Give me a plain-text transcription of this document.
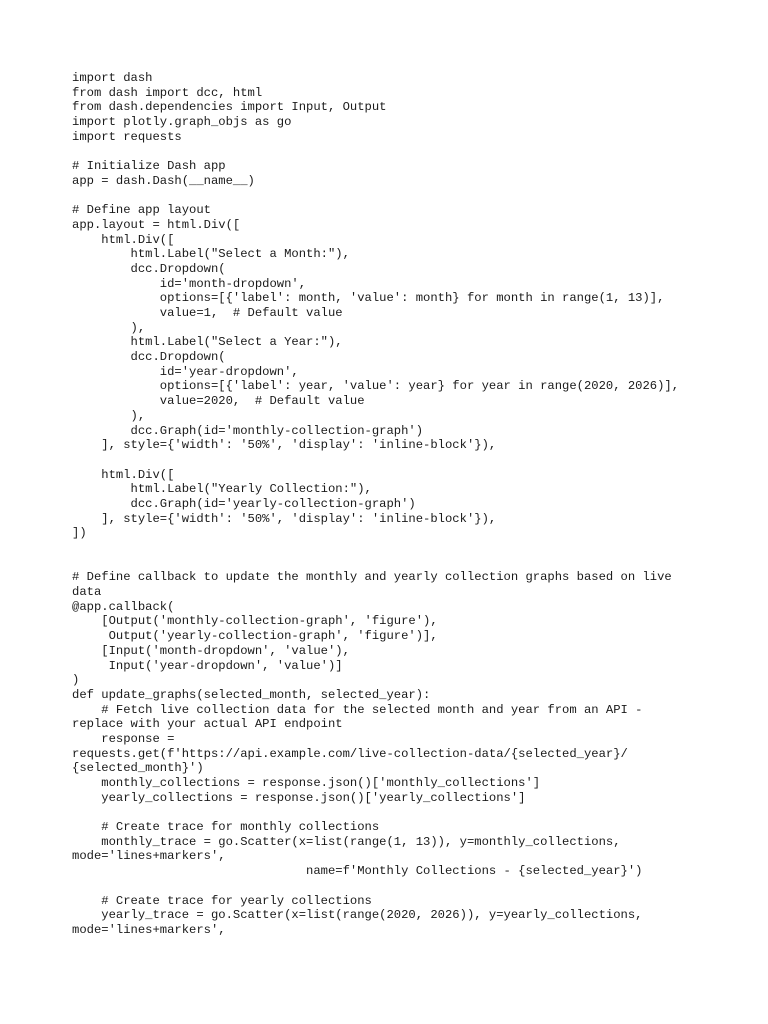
import dash
from dash import dcc, html
from dash.dependencies import Input, Output
import plotly.graph_objs as go
import requests
# Initialize Dash app
app = dash.Dash(__name__)
# Define app layout
app.layout = html.Div([
html.Div([
html.Label("Select a Month:"),
dcc.Dropdown(
id='month-dropdown',
options=[{'label': month, 'value': month} for month in range(1, 13)],
value=1,  # Default value
),
html.Label("Select a Year:"),
dcc.Dropdown(
id='year-dropdown',
options=[{'label': year, 'value': year} for year in range(2020, 2026)],
value=2020,  # Default value
),
dcc.Graph(id='monthly-collection-graph')
], style={'width': '50%', 'display': 'inline-block'}),
html.Div([
html.Label("Yearly Collection:"),
dcc.Graph(id='yearly-collection-graph')
], style={'width': '50%', 'display': 'inline-block'}),
])
# Define callback to update the monthly and yearly collection graphs based on live
data
@app.callback(
[Output('monthly-collection-graph', 'figure'),
Output('yearly-collection-graph', 'figure')],
[Input('month-dropdown', 'value'),
Input('year-dropdown', 'value')]
)
def update_graphs(selected_month, selected_year):
# Fetch live collection data for the selected month and year from an API -
replace with your actual API endpoint
response =
requests.get(f'https://api.example.com/live-collection-data/{selected_year}/
{selected_month}')
monthly_collections = response.json()['monthly_collections']
yearly_collections = response.json()['yearly_collections']
# Create trace for monthly collections
monthly_trace = go.Scatter(x=list(range(1, 13)), y=monthly_collections,
mode='lines+markers',
name=f'Monthly Collections - {selected_year}')
# Create trace for yearly collections
yearly_trace = go.Scatter(x=list(range(2020, 2026)), y=yearly_collections,
mode='lines+markers',
